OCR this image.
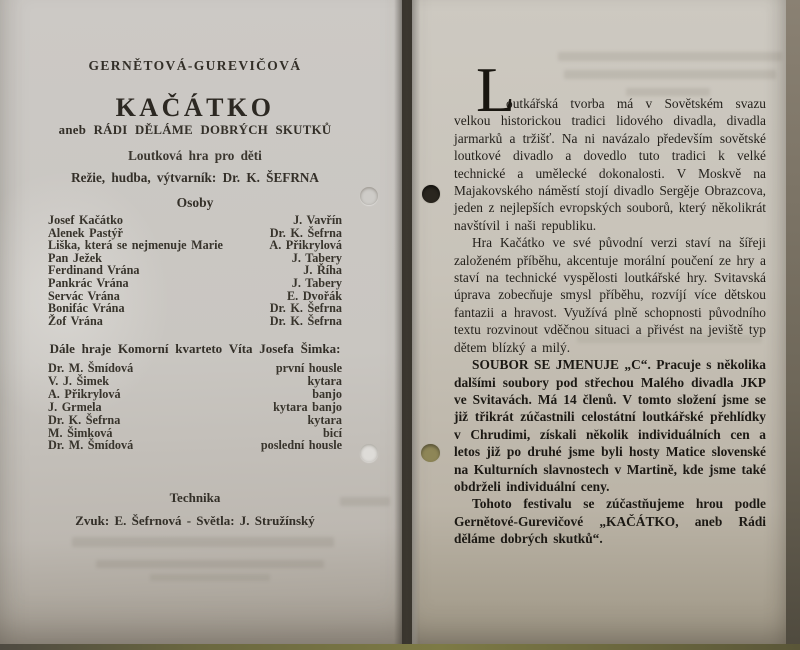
GERNĚTOVÁ-GUREVIČOVÁ
KAČÁTKO
aneb RÁDI DĚLÁME DOBRÝCH SKUTKŮ
Loutková hra pro děti
Režie, hudba, výtvarník: Dr. K. ŠEFRNA
Osoby
Josef Kačátko	J. Vavřín
Alenek Pastýř	Dr. K. Šefrna
Liška, která se nejmenuje Marie	A. Přikrylová
Pan Ježek	J. Tabery
Ferdinand Vrána	J. Říha
Pankrác Vrána	J. Tabery
Servác Vrána	E. Dvořák
Bonifác Vrána	Dr. K. Šefrna
Žof Vrána	Dr. K. Šefrna
Dále hraje Komorní kvarteto Víta Josefa Šimka:
Dr. M. Šmídová	první housle
V. J. Šimek	kytara
A. Přikrylová	banjo
J. Grmela	kytara banjo
Dr. K. Šefrna	kytara
M. Šimková	bicí
Dr. M. Šmídová	poslední housle
Technika
Zvuk: E. Šefrnová - Světla: J. Stružínský

L
outkářská tvorba má v Sovětském svazu velkou historickou tradici lidového divadla, divadla jarmarků a tržišť. Na ni navázalo především sovětské loutkové divadlo a dovedlo tuto tradici k velké technické a umělecké dokonalosti. V Moskvě na Majakovského náměstí stojí divadlo Sergěje Obrazcova, jeden z nejlepších evropských souborů, který několikrát navštívil i naši republiku.

Hra Kačátko ve své původní verzi staví na šířeji založeném příběhu, akcentuje morální poučení ze hry a staví na technické vyspělosti loutkářské hry. Svitavská úprava zobecňuje smysl příběhu, rozvíjí více dětskou fantazii a hravost. Využívá plně schopnosti původního textu rozvinout vděčnou situaci a přivést na jeviště typ dětem blízký a milý.

SOUBOR SE JMENUJE „C“. Pracuje s několika dalšími soubory pod střechou Malého divadla JKP ve Svitavách. Má 14 členů. V tomto složení jsme se již třikrát zúčastnili celostátní loutkářské přehlídky v Chrudimi, získali několik individuálních cen a letos již po druhé jsme byli hosty Matice slovenské na Kulturních slavnostech v Martině, kde jsme také obdrželi individuální ceny.

Tohoto festivalu se zúčastňujeme hrou podle Gernětové-Gurevičové „KAČÁTKO, aneb Rádi děláme dobrých skutků“.
